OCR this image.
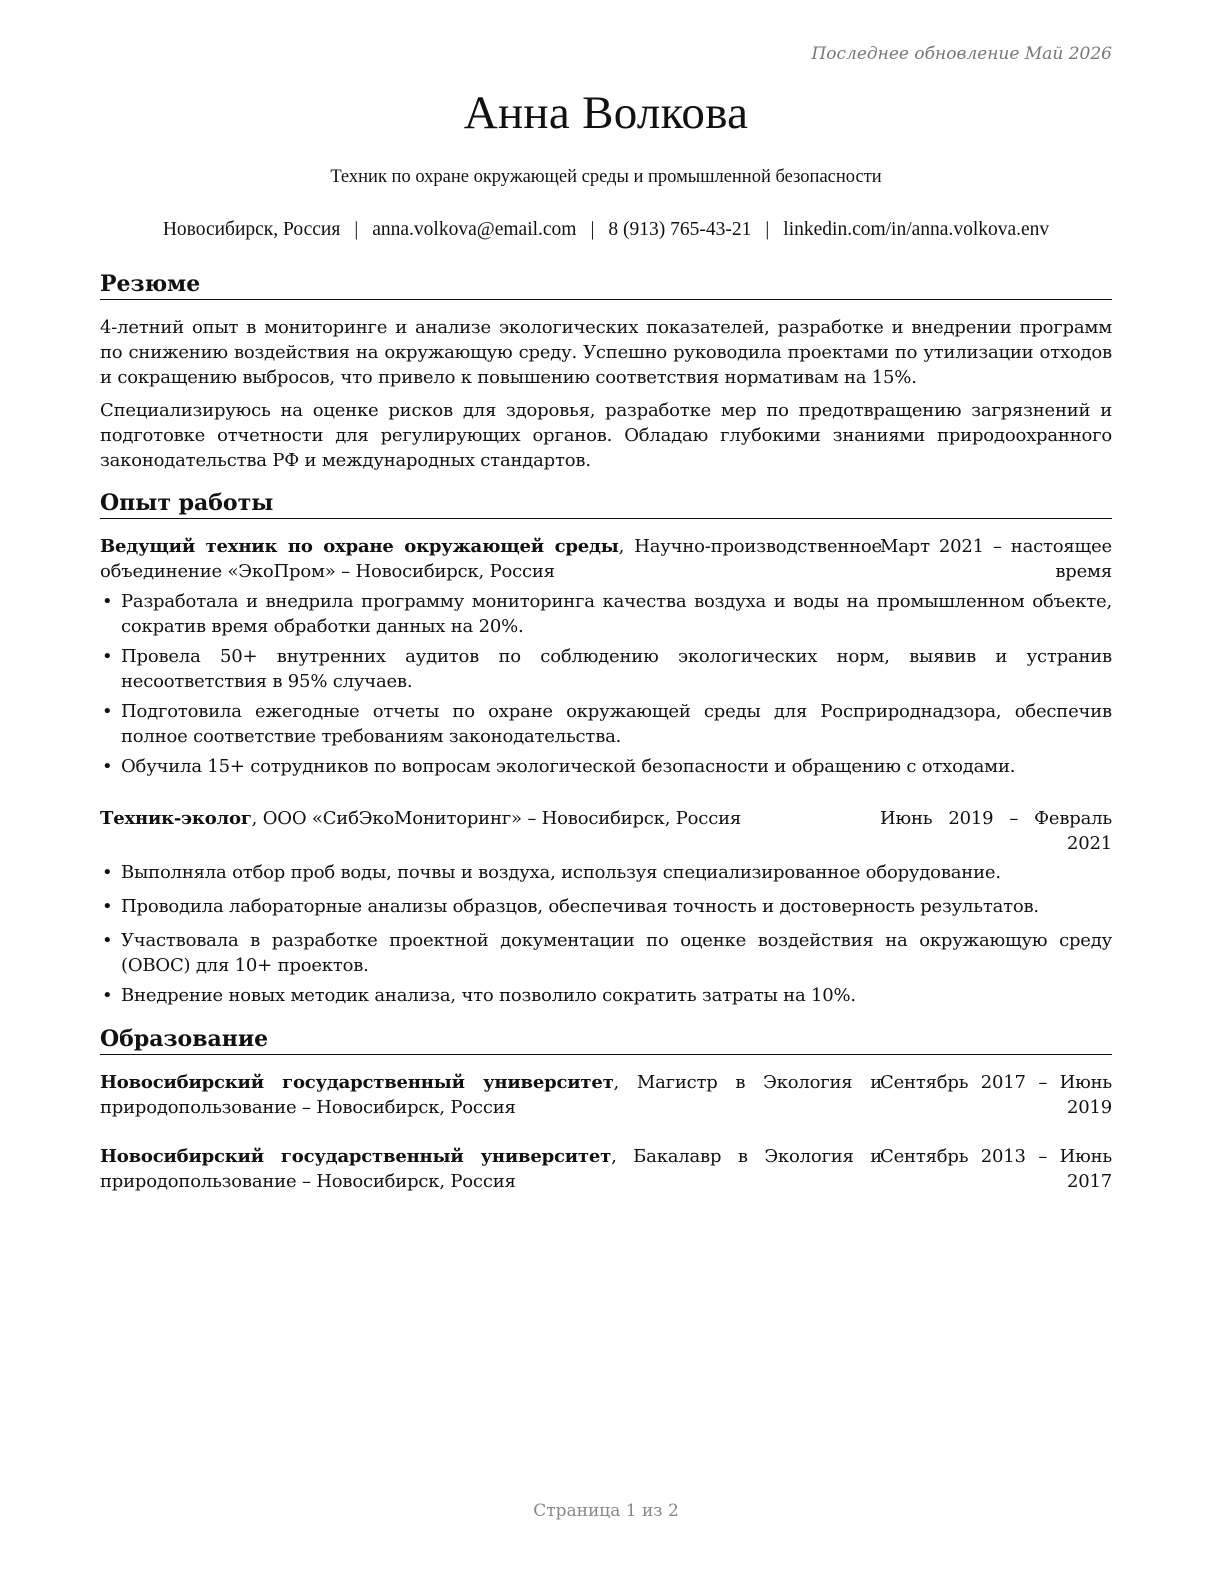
Последнее обновление Май 2026
Анна Волкова
Техник по охране окружающей среды и промышленной безопасности
Новосибирск, Россия | anna.volkova@email.com | 8 (913) 765-43-21 | linkedin.com/in/anna.volkova.env
Резюме

4-летний опыт в мониторинге и анализе экологических показателей, разработке и внедрении программ по снижению воздействия на окружающую среду. Успешно руководила проектами по утилизации отходов и сокращению выбросов, что привело к повышению соответствия нормативам на 15%.

Специализируюсь на оценке рисков для здоровья, разработке мер по предотвращению загрязнений и подготовке отчетности для регулирующих органов. Обладаю глубокими знаниями природоохранного законодательства РФ и международных стандартов.

Опыт работы
Ведущий техник по охране окружающей среды, Научно-производственное объединение «ЭкоПром» – Новосибирск, Россия
Март 2021 – настоящее время
• Разработала и внедрила программу мониторинга качества воздуха и воды на промышленном объекте, сократив время обработки данных на 20%.
• Провела 50+ внутренних аудитов по соблюдению экологических норм, выявив и устранив несоответствия в 95% случаев.
• Подготовила ежегодные отчеты по охране окружающей среды для Росприроднадзора, обеспечив полное соответствие требованиям законодательства.
• Обучила 15+ сотрудников по вопросам экологической безопасности и обращению с отходами.
Техник-эколог, ООО «СибЭкоМониторинг» – Новосибирск, Россия	Июнь 2019 – Февраль 2021
• Выполняла отбор проб воды, почвы и воздуха, используя специализированное оборудование.
• Проводила лабораторные анализы образцов, обеспечивая точность и достоверность результатов.
• Участвовала в разработке проектной документации по оценке воздействия на окружающую среду (ОВОС) для 10+ проектов.
• Внедрение новых методик анализа, что позволило сократить затраты на 10%.
Образование
Новосибирский государственный университет, Магистр в Экология и природопользование – Новосибирск, Россия
Сентябрь 2017 – Июнь 2019
Новосибирский государственный университет, Бакалавр в Экология и природопользование – Новосибирск, Россия
Сентябрь 2013 – Июнь 2017
Страница 1 из 2
